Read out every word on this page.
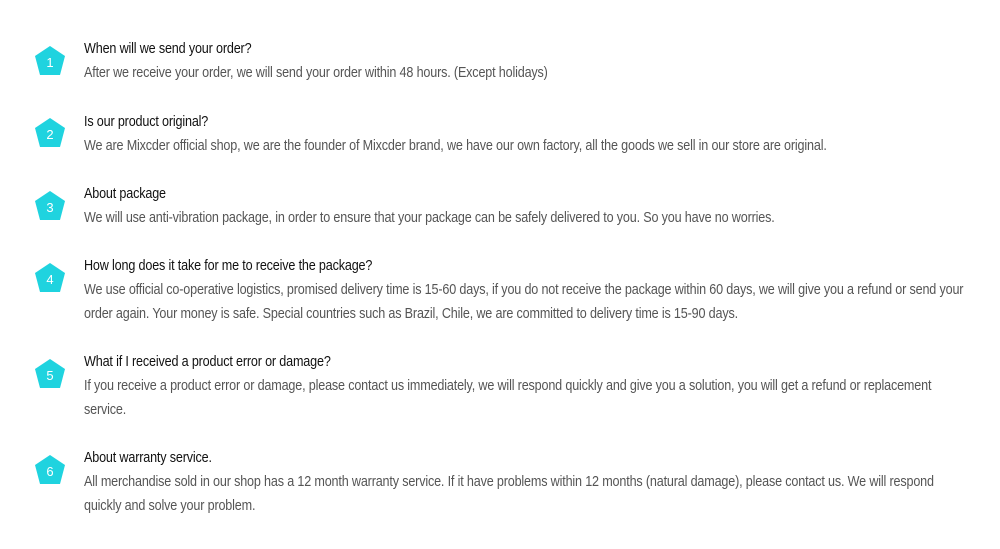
1
When will we send your order?
After we receive your order, we will send your order within 48 hours. (Except holidays)
2
Is our product original?
We are Mixcder official shop, we are the founder of Mixcder brand, we have our own factory, all the goods we sell in our store are original.
3
About package
We will use anti-vibration package, in order to ensure that your package can be safely delivered to you. So you have no worries.
4
How long does it take for me to receive the package?
We use official co-operative logistics, promised delivery time is 15-60 days, if you do not receive the package within 60 days, we will give you a refund or send your order again. Your money is safe. Special countries such as Brazil, Chile, we are committed to delivery time is 15-90 days.
5
What if I received a product error or damage?
If you receive a product error or damage, please contact us immediately, we will respond quickly and give you a solution, you will get a refund or replacement service.
6
About warranty service.
All merchandise sold in our shop has a 12 month warranty service. If it have problems within 12 months (natural damage), please contact us. We will respond quickly and solve your problem.
